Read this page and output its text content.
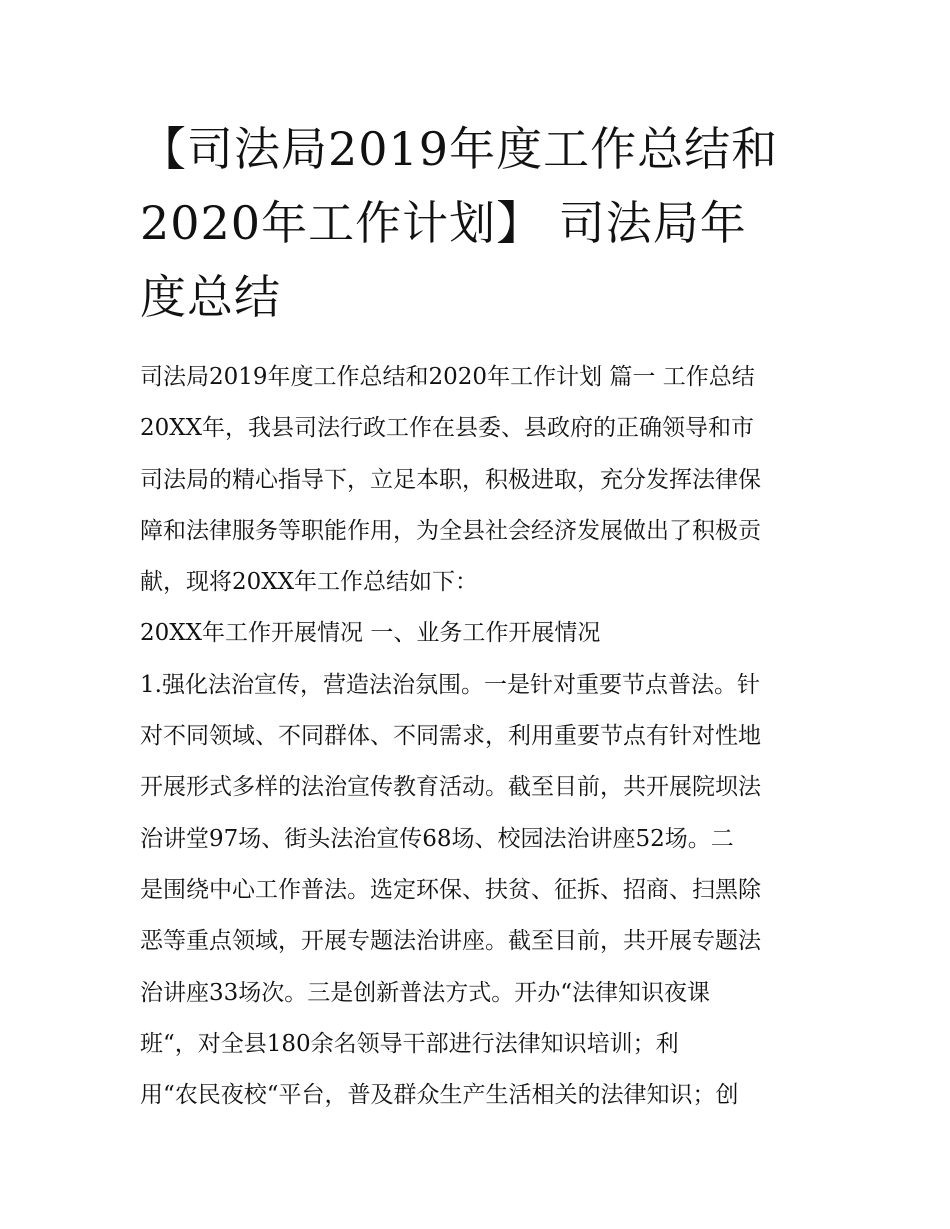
【司法局2019年度工作总结和
2020年工作计划】 司法局年
度总结
司法局2019年度工作总结和2020年工作计划 篇一 工作总结
20XX年，我县司法行政工作在县委、县政府的正确领导和市
司法局的精心指导下，立足本职，积极进取，充分发挥法律保
障和法律服务等职能作用，为全县社会经济发展做出了积极贡
献，现将20XX年工作总结如下：
20XX年工作开展情况 一、业务工作开展情况
1.强化法治宣传，营造法治氛围。一是针对重要节点普法。针
对不同领域、不同群体、不同需求，利用重要节点有针对性地
开展形式多样的法治宣传教育活动。截至目前，共开展院坝法
治讲堂97场、街头法治宣传68场、校园法治讲座52场。二
是围绕中心工作普法。选定环保、扶贫、征拆、招商、扫黑除
恶等重点领域，开展专题法治讲座。截至目前，共开展专题法
治讲座33场次。三是创新普法方式。开办“法律知识夜课
班“，对全县180余名领导干部进行法律知识培训；利
用“农民夜校“平台，普及群众生产生活相关的法律知识；创
